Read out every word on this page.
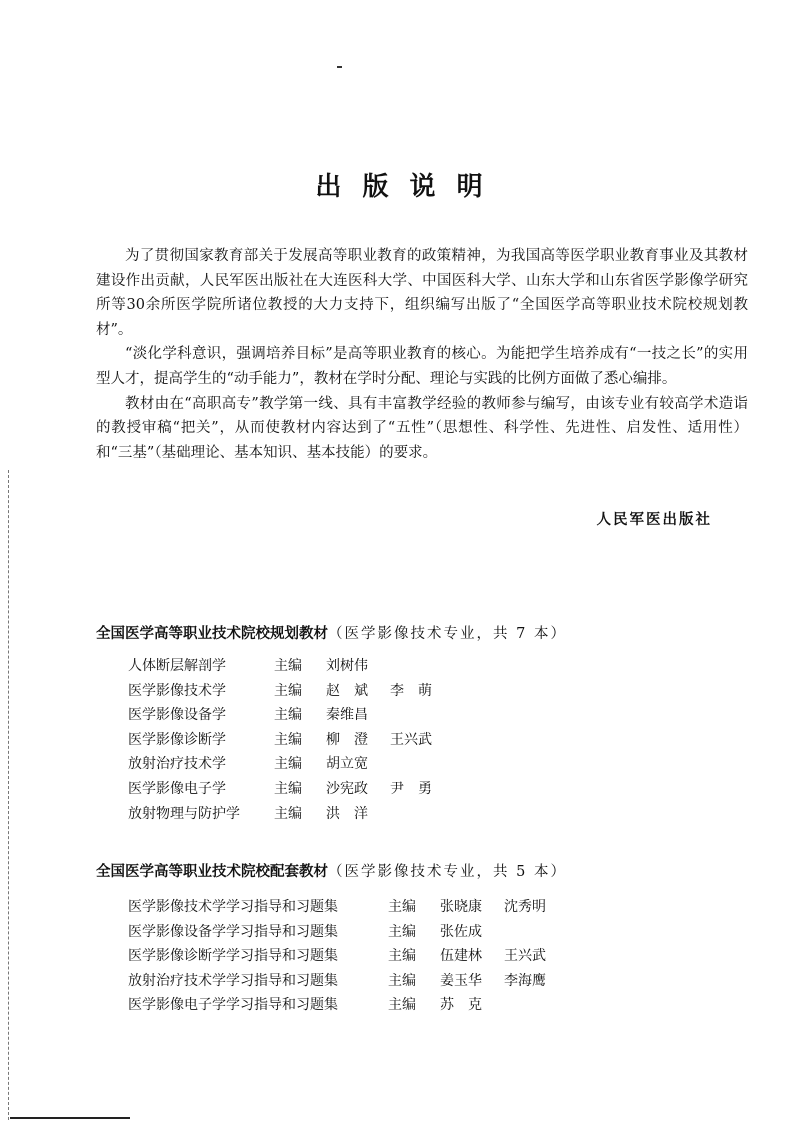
出 版 说 明

为了贯彻国家教育部关于发展高等职业教育的政策精神，为我国高等医学职业教育事业及其教材建设作出贡献，人民军医出版社在大连医科大学、中国医科大学、山东大学和山东省医学影像学研究所等30余所医学院所诸位教授的大力支持下，组织编写出版了“全国医学高等职业技术院校规划教材”。

“淡化学科意识，强调培养目标”是高等职业教育的核心。为能把学生培养成有“一技之长”的实用型人才，提高学生的“动手能力”，教材在学时分配、理论与实践的比例方面做了悉心编排。

教材由在“高职高专”教学第一线、具有丰富教学经验的教师参与编写，由该专业有较高学术造诣的教授审稿“把关”，从而使教材内容达到了“五性”（思想性、科学性、先进性、启发性、适用性）和“三基”（基础理论、基本知识、基本技能）的要求。

人民军医出版社
全国医学高等职业技术院校规划教材（医学影像技术专业，共 7 本）
人体断层解剖学	主编	刘树伟
医学影像技术学	主编	赵　斌	李　萌
医学影像设备学	主编	秦维昌
医学影像诊断学	主编	柳　澄	王兴武
放射治疗技术学	主编	胡立宽
医学影像电子学	主编	沙宪政	尹　勇
放射物理与防护学	主编	洪　洋
全国医学高等职业技术院校配套教材（医学影像技术专业，共 5 本）
医学影像技术学学习指导和习题集	主编	张晓康	沈秀明
医学影像设备学学习指导和习题集	主编	张佐成
医学影像诊断学学习指导和习题集	主编	伍建林	王兴武
放射治疗技术学学习指导和习题集	主编	姜玉华	李海鹰
医学影像电子学学习指导和习题集	主编	苏　克
